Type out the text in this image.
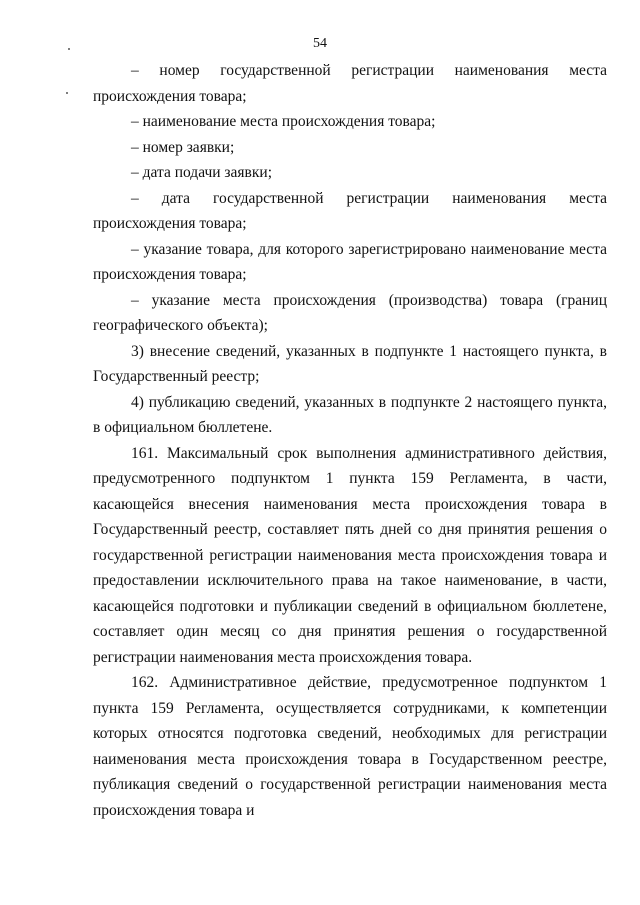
54

– номер государственной регистрации наименования места происхождения товара;

– наименование места происхождения товара;

– номер заявки;

– дата подачи заявки;

– дата государственной регистрации наименования места происхождения товара;

– указание товара, для которого зарегистрировано наименование места происхождения товара;

– указание места происхождения (производства) товара (границ географического объекта);

3) внесение сведений, указанных в подпункте 1 настоящего пункта, в Государственный реестр;

4) публикацию сведений, указанных в подпункте 2 настоящего пункта, в официальном бюллетене.

161. Максимальный срок выполнения административного действия, предусмотренного подпунктом 1 пункта 159 Регламента, в части, касающейся внесения наименования места происхождения товара в Государственный реестр, составляет пять дней со дня принятия решения о государственной регистрации наименования места происхождения товара и предоставлении исключительного права на такое наименование, в части, касающейся подготовки и публикации сведений в официальном бюллетене, составляет один месяц со дня принятия решения о государственной регистрации наименования места происхождения товара.

162. Административное действие, предусмотренное подпунктом 1 пункта 159 Регламента, осуществляется сотрудниками, к компетенции которых относятся подготовка сведений, необходимых для регистрации наименования места происхождения товара в Государственном реестре, публикация сведений о государственной регистрации наименования места происхождения товара и
